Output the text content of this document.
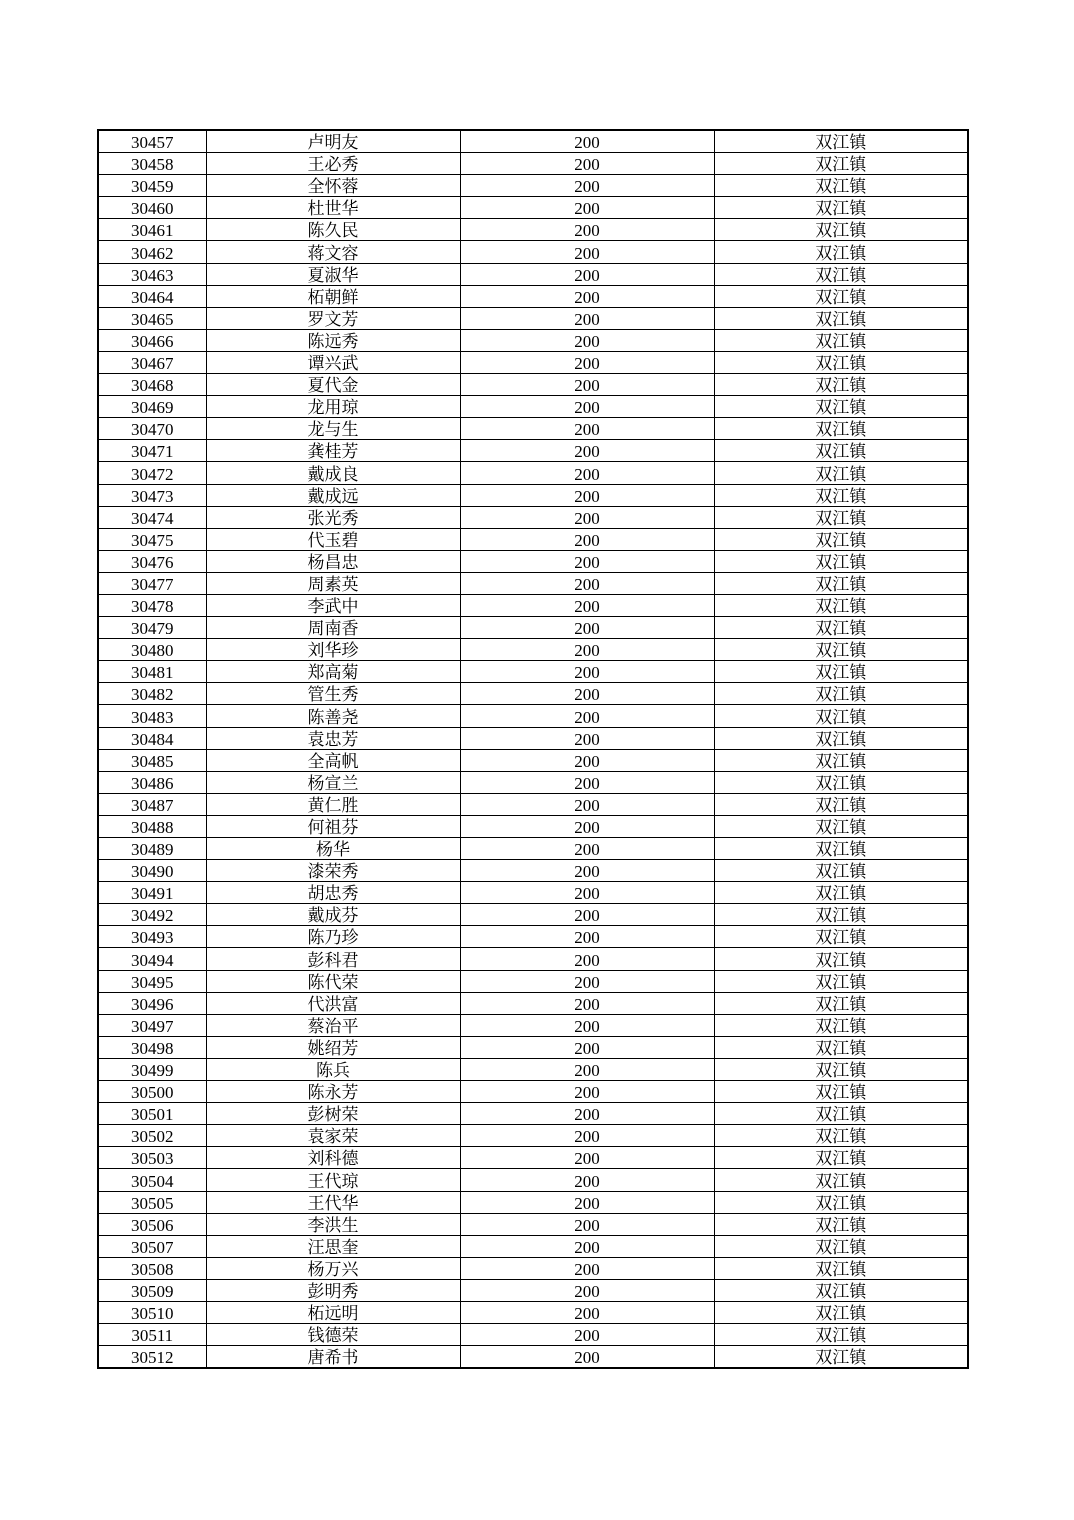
30457	卢明友	200	双江镇
30458	王必秀	200	双江镇
30459	全怀蓉	200	双江镇
30460	杜世华	200	双江镇
30461	陈久民	200	双江镇
30462	蒋文容	200	双江镇
30463	夏淑华	200	双江镇
30464	柘朝鲜	200	双江镇
30465	罗文芳	200	双江镇
30466	陈远秀	200	双江镇
30467	谭兴武	200	双江镇
30468	夏代金	200	双江镇
30469	龙用琼	200	双江镇
30470	龙与生	200	双江镇
30471	龚桂芳	200	双江镇
30472	戴成良	200	双江镇
30473	戴成远	200	双江镇
30474	张光秀	200	双江镇
30475	代玉碧	200	双江镇
30476	杨昌忠	200	双江镇
30477	周素英	200	双江镇
30478	李武中	200	双江镇
30479	周南香	200	双江镇
30480	刘华珍	200	双江镇
30481	郑高菊	200	双江镇
30482	管生秀	200	双江镇
30483	陈善尧	200	双江镇
30484	袁忠芳	200	双江镇
30485	全高帆	200	双江镇
30486	杨宣兰	200	双江镇
30487	黄仁胜	200	双江镇
30488	何祖芬	200	双江镇
30489	杨华	200	双江镇
30490	漆荣秀	200	双江镇
30491	胡忠秀	200	双江镇
30492	戴成芬	200	双江镇
30493	陈乃珍	200	双江镇
30494	彭科君	200	双江镇
30495	陈代荣	200	双江镇
30496	代洪富	200	双江镇
30497	蔡治平	200	双江镇
30498	姚绍芳	200	双江镇
30499	陈兵	200	双江镇
30500	陈永芳	200	双江镇
30501	彭树荣	200	双江镇
30502	袁家荣	200	双江镇
30503	刘科德	200	双江镇
30504	王代琼	200	双江镇
30505	王代华	200	双江镇
30506	李洪生	200	双江镇
30507	汪思奎	200	双江镇
30508	杨万兴	200	双江镇
30509	彭明秀	200	双江镇
30510	柘远明	200	双江镇
30511	钱德荣	200	双江镇
30512	唐希书	200	双江镇
